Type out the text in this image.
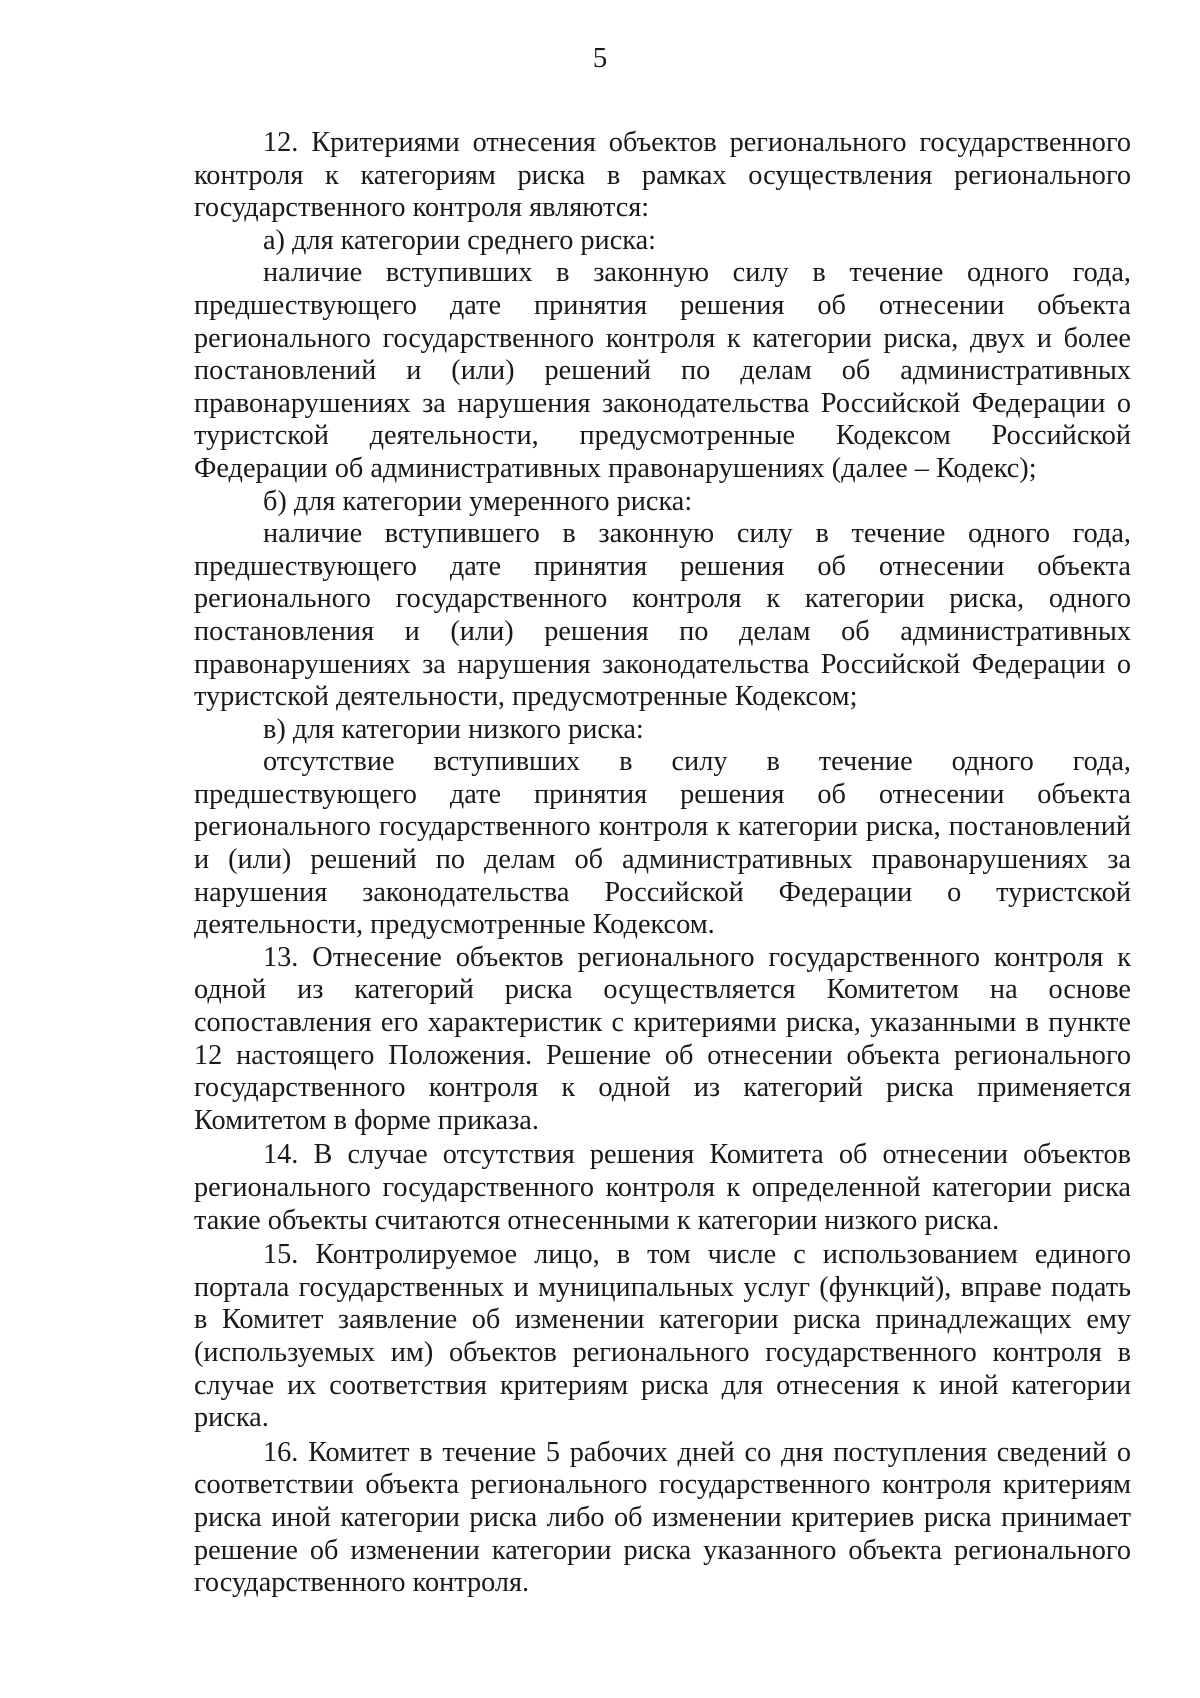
5

12. Критериями отнесения объектов регионального государственного контроля к категориям риска в рамках осуществления регионального государственного контроля являются:

а) для категории среднего риска:

наличие вступивших в законную силу в течение одного года, предшествующего дате принятия решения об отнесении объекта регионального государственного контроля к категории риска, двух и более постановлений и (или) решений по делам об административных правонарушениях за нарушения законодательства Российской Федерации о туристской деятельности, предусмотренные Кодексом Российской Федерации об административных правонарушениях (далее – Кодекс);

б) для категории умеренного риска:

наличие вступившего в законную силу в течение одного года, предшествующего дате принятия решения об отнесении объекта регионального государственного контроля к категории риска, одного постановления и (или) решения по делам об административных правонарушениях за нарушения законодательства Российской Федерации о туристской деятельности, предусмотренные Кодексом;

в) для категории низкого риска:

отсутствие вступивших в силу в течение одного года, предшествующего дате принятия решения об отнесении объекта регионального государственного контроля к категории риска, постановлений и (или) решений по делам об административных правонарушениях за нарушения законодательства Российской Федерации о туристской деятельности, предусмотренные Кодексом.

13. Отнесение объектов регионального государственного контроля к одной из категорий риска осуществляется Комитетом на основе сопоставления его характеристик с критериями риска, указанными в пункте 12 настоящего Положения. Решение об отнесении объекта регионального государственного контроля к одной из категорий риска применяется Комитетом в форме приказа.

14. В случае отсутствия решения Комитета об отнесении объектов регионального государственного контроля к определенной категории риска такие объекты считаются отнесенными к категории низкого риска.

15. Контролируемое лицо, в том числе с использованием единого портала государственных и муниципальных услуг (функций), вправе подать в Комитет заявление об изменении категории риска принадлежащих ему (используемых им) объектов регионального государственного контроля в случае их соответствия критериям риска для отнесения к иной категории риска.

16. Комитет в течение 5 рабочих дней со дня поступления сведений о соответствии объекта регионального государственного контроля критериям риска иной категории риска либо об изменении критериев риска принимает решение об изменении категории риска указанного объекта регионального государственного контроля.
